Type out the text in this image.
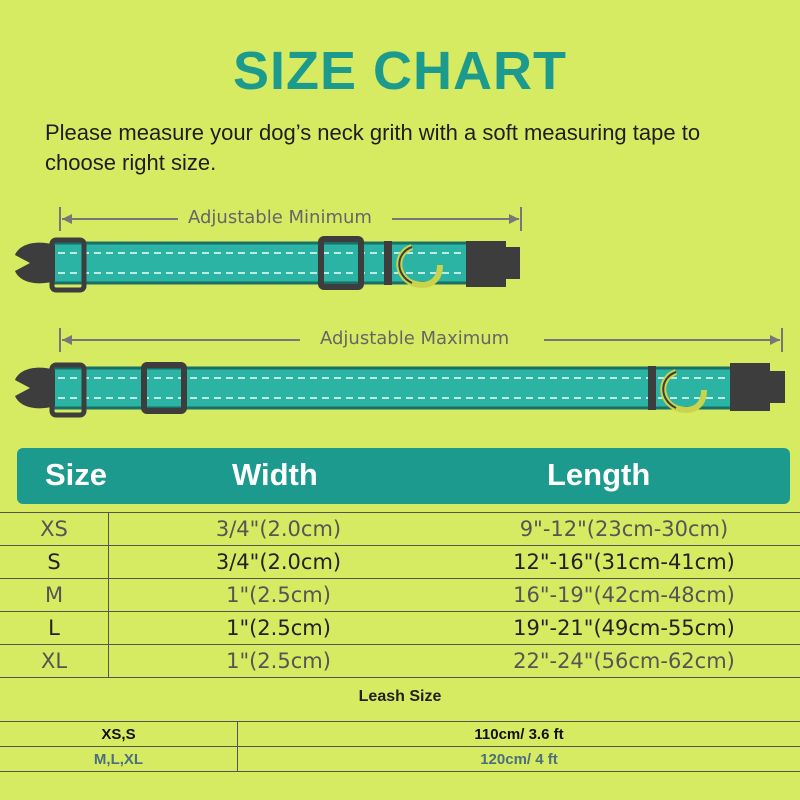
SIZE CHART
Please measure your dog’s neck grith with a soft measuring tape to choose right size.
Adjustable Minimum
Adjustable Maximum
Size	Width	Length
XS	3/4"(2.0cm)	9"-12"(23cm-30cm)
S	3/4"(2.0cm)	12"-16"(31cm-41cm)
M	1"(2.5cm)	16"-19"(42cm-48cm)
L	1"(2.5cm)	19"-21"(49cm-55cm)
XL	1"(2.5cm)	22"-24"(56cm-62cm)
Leash Size
XS,S	110cm/ 3.6 ft
M,L,XL	120cm/ 4 ft
